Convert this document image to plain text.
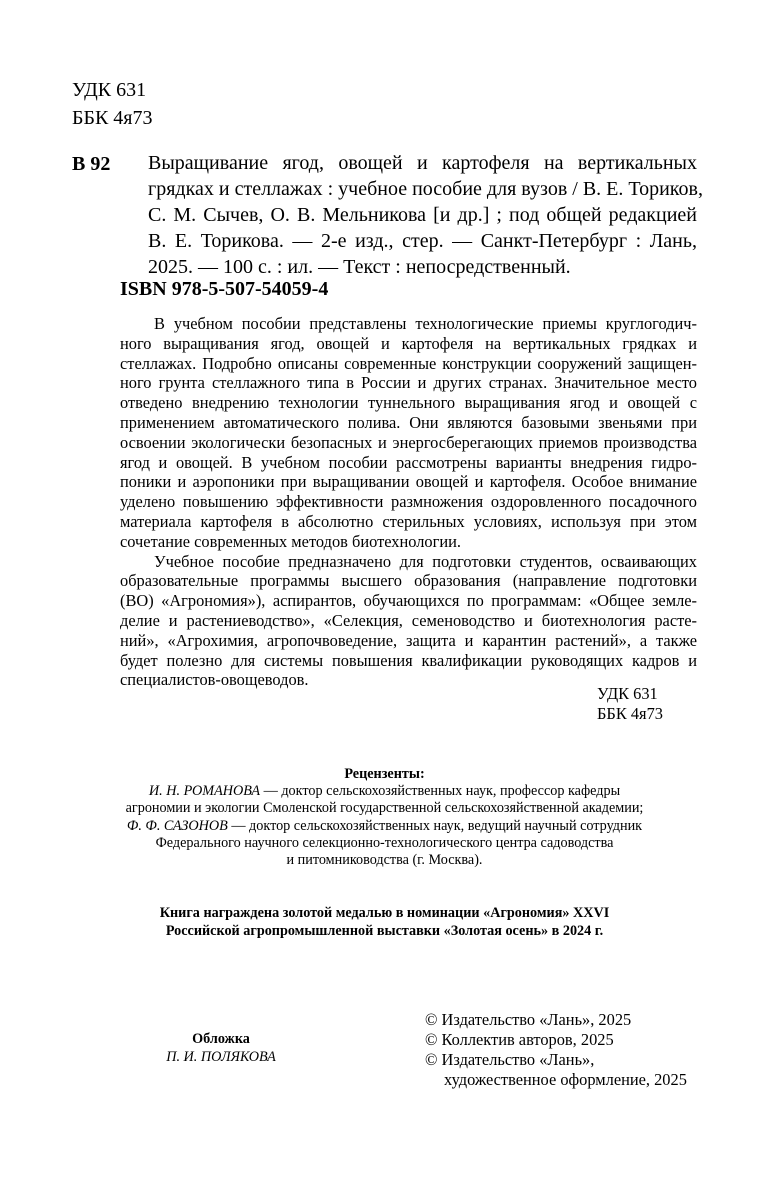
УДК 631
ББК 4я73
В 92 Выращивание ягод, овощей и картофеля на вертикальных
грядках и стеллажах : учебное пособие для вузов / В. Е. Ториков,
С. М. Сычев, О. В. Мельникова [и др.] ; под общей редакцией
В. Е. Торикова. — 2-е изд., стер. — Санкт-Петербург : Лань,
2025. — 100 с. : ил. — Текст : непосредственный.
ISBN 978-5-507-54059-4
В учебном пособии представлены технологические приемы круглогодич-
ного выращивания ягод, овощей и картофеля на вертикальных грядках и
стеллажах. Подробно описаны современные конструкции сооружений защищен-
ного грунта стеллажного типа в России и других странах. Значительное место
отведено внедрению технологии туннельного выращивания ягод и овощей с
применением автоматического полива. Они являются базовыми звеньями при
освоении экологически безопасных и энергосберегающих приемов производства
ягод и овощей. В учебном пособии рассмотрены варианты внедрения гидро-
поники и аэропоники при выращивании овощей и картофеля. Особое внимание
уделено повышению эффективности размножения оздоровленного посадочного
материала картофеля в абсолютно стерильных условиях, используя при этом
сочетание современных методов биотехнологии.
Учебное пособие предназначено для подготовки студентов, осваивающих
образовательные программы высшего образования (направление подготовки
(ВО) «Агрономия»), аспирантов, обучающихся по программам: «Общее земле-
делие и растениеводство», «Селекция, семеноводство и биотехнология расте-
ний», «Агрохимия, агропочвоведение, защита и карантин растений», а также
будет полезно для системы повышения квалификации руководящих кадров и
специалистов-овощеводов.
УДК 631
ББК 4я73
Рецензенты:
И. Н. РОМАНОВА — доктор сельскохозяйственных наук, профессор кафедры
агрономии и экологии Смоленской государственной сельскохозяйственной академии;
Ф. Ф. САЗОНОВ — доктор сельскохозяйственных наук, ведущий научный сотрудник
Федерального научного селекционно-технологического центра садоводства
и питомниководства (г. Москва).
Книга награждена золотой медалью в номинации «Агрономия» XXVI
Российской агропромышленной выставки «Золотая осень» в 2024 г.
Обложка
П. И. ПОЛЯКОВА
© Издательство «Лань», 2025
© Коллектив авторов, 2025
© Издательство «Лань»,
художественное оформление, 2025
